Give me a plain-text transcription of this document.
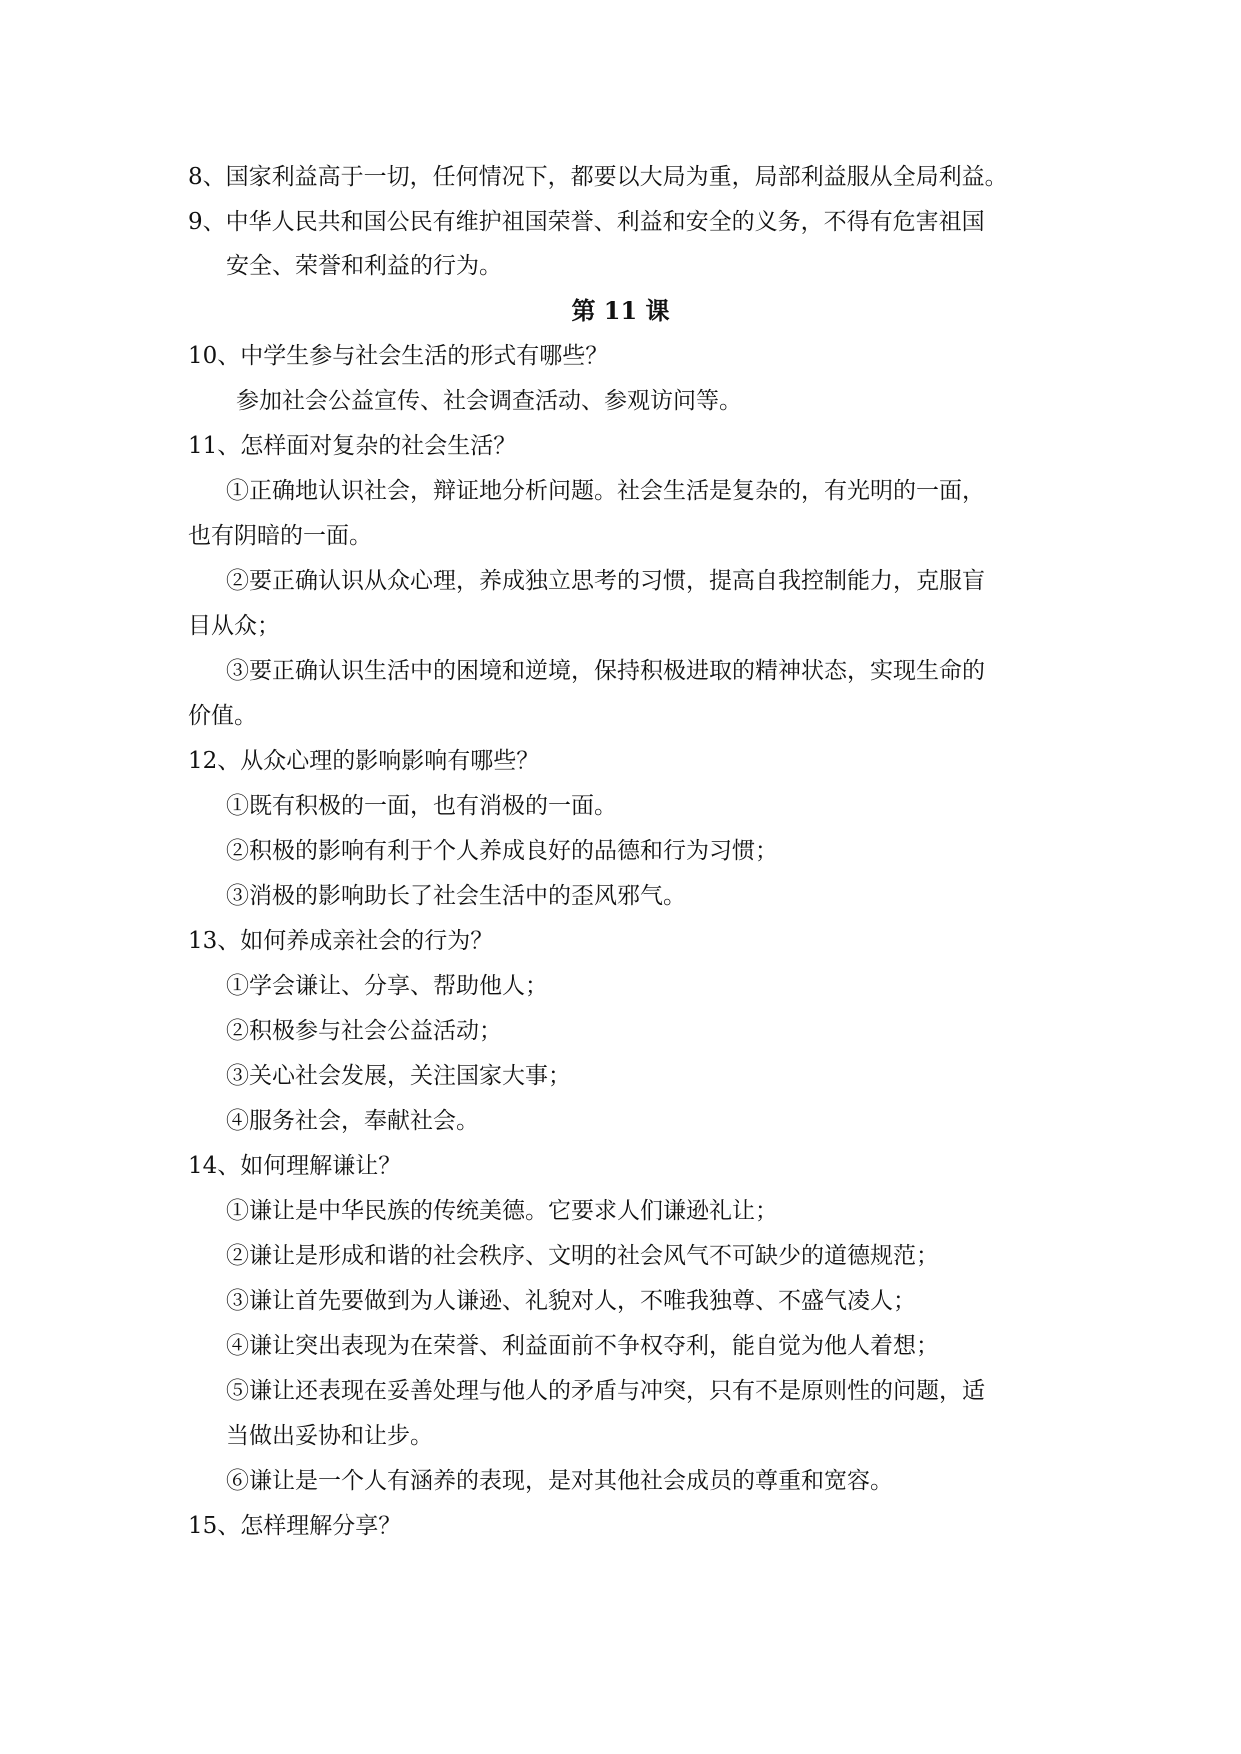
8、国家利益高于一切，任何情况下，都要以大局为重，局部利益服从全局利益。
9、中华人民共和国公民有维护祖国荣誉、利益和安全的义务，不得有危害祖国
安全、荣誉和利益的行为。
第 11 课
10、中学生参与社会生活的形式有哪些？
参加社会公益宣传、社会调查活动、参观访问等。
11、怎样面对复杂的社会生活？
①正确地认识社会，辩证地分析问题。社会生活是复杂的，有光明的一面，
也有阴暗的一面。
②要正确认识从众心理，养成独立思考的习惯，提高自我控制能力，克服盲
目从众；
③要正确认识生活中的困境和逆境，保持积极进取的精神状态，实现生命的
价值。
12、从众心理的影响影响有哪些？
①既有积极的一面，也有消极的一面。
②积极的影响有利于个人养成良好的品德和行为习惯；
③消极的影响助长了社会生活中的歪风邪气。
13、如何养成亲社会的行为？
①学会谦让、分享、帮助他人；
②积极参与社会公益活动；
③关心社会发展，关注国家大事；
④服务社会，奉献社会。
14、如何理解谦让？
①谦让是中华民族的传统美德。它要求人们谦逊礼让；
②谦让是形成和谐的社会秩序、文明的社会风气不可缺少的道德规范；
③谦让首先要做到为人谦逊、礼貌对人，不唯我独尊、不盛气凌人；
④谦让突出表现为在荣誉、利益面前不争权夺利，能自觉为他人着想；
⑤谦让还表现在妥善处理与他人的矛盾与冲突，只有不是原则性的问题，适
当做出妥协和让步。
⑥谦让是一个人有涵养的表现，是对其他社会成员的尊重和宽容。
15、怎样理解分享？
